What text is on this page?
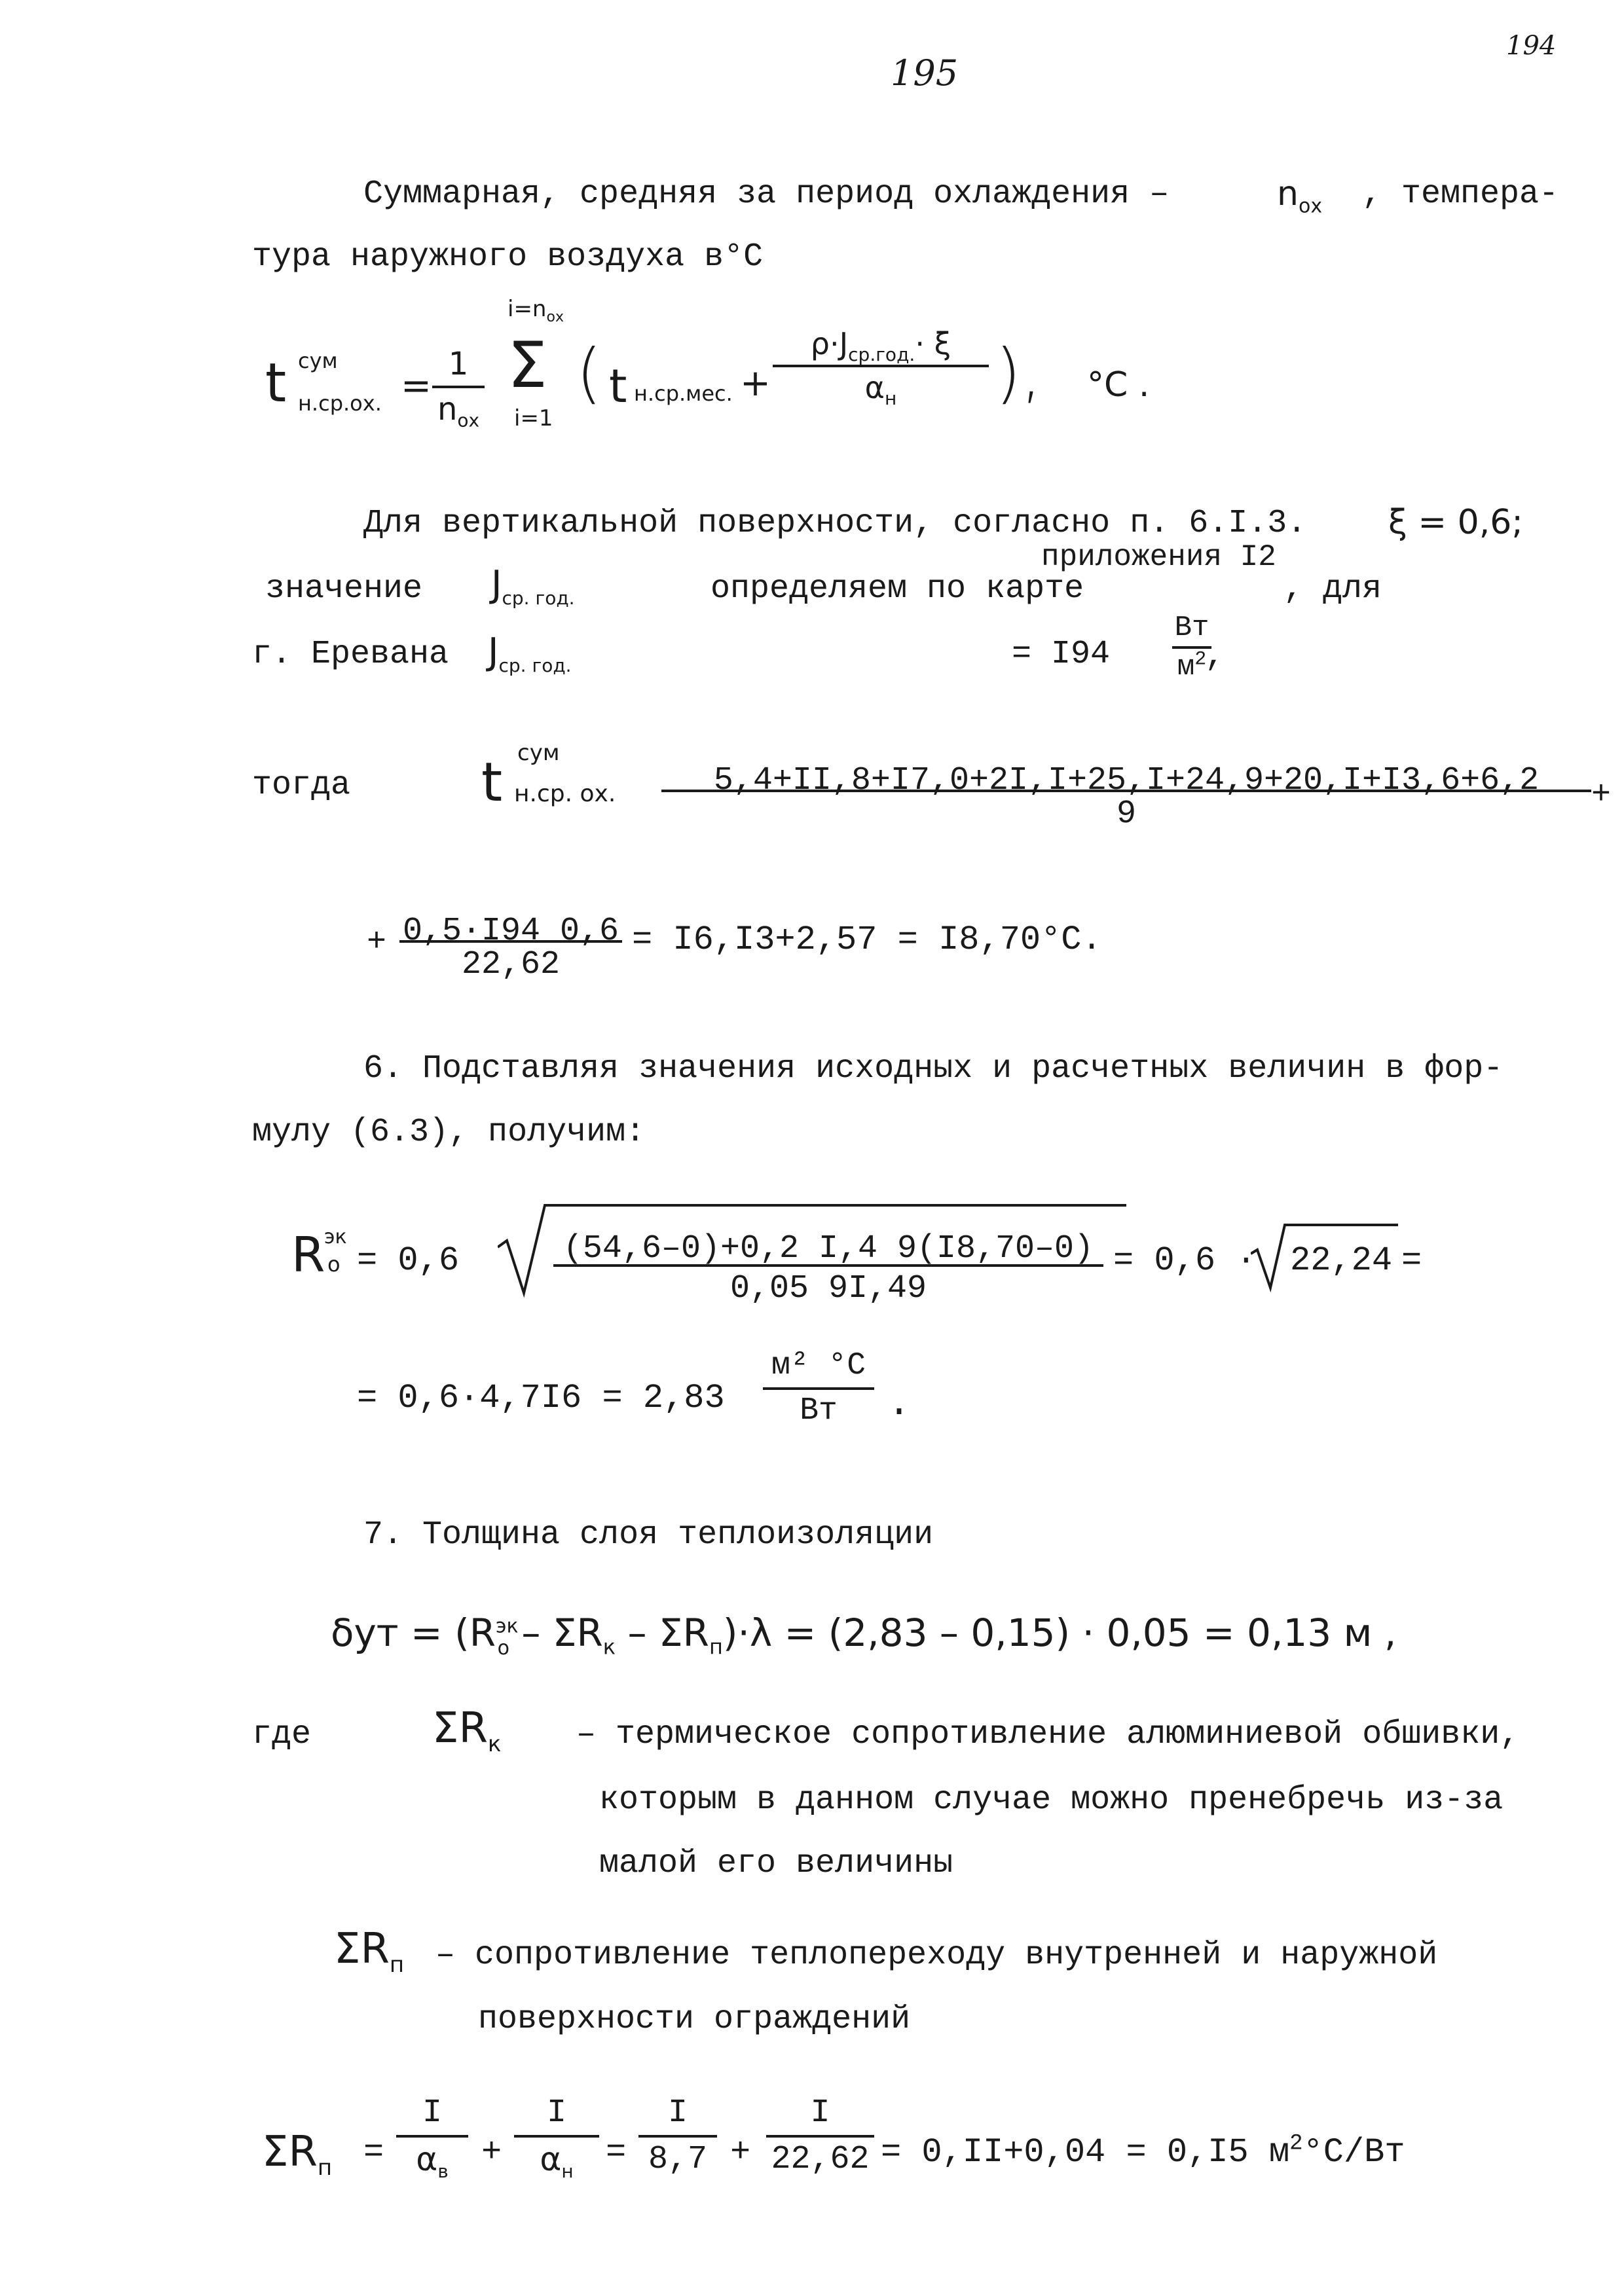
195
194
Суммарная, средняя за период охлаждения –	$n_{ох}$ , темпера-
тура наружного воздуха в°С
t сум
н.ср.ох. =
1
$n_{ох}$
$i=n_{ох}$
Σ
i=1
( t н.ср.мес. +
$\rho\cdot J_{ср.год.}\cdot \xi$
$\alpha_н$	), °С .
Для вертикальной поверхности, согласно п. 6.I.3. ξ = 0,6;
приложения I2
значение $J_{ср. год.}$	определяем по карте	, для
г. Еревана $J_{ср. год.}$	= I94
Вт
$м^2$
,
тогда t сум
н.ср. ох.	5,4+II,8+I7,0+2I,I+25,I+24,9+20,I+I3,6+6,2
9
+
+ 0,5·I94 0,6
22,62
= I6,I3+2,57 = I8,70°С.
6. Подставляя значения исходных и расчетных величин в фор-
мулу (6.3), получим:
R
эк
о = 0,6	(54,6–0)+0,2 I,4 9(I8,70–0)
0,05 9I,49
= 0,6 · 22,24 =
= 0,6·4,7I6 = 2,83
м² °С
Вт	.
7. Толщина слоя теплоизоляции
$\delta ут = (R^{эк}_о - \Sigma R_к - \Sigma R_п)\cdot\lambda = (2,83 - 0,15) \cdot 0,05 = 0,13$ м ,
где	$\Sigma R_к$ – термическое сопротивление алюминиевой обшивки,
которым в данном случае можно пренебречь из-за
малой его величины
$\Sigma R_п$ – сопротивление теплопереходу внутренней и наружной
поверхности ограждений
$\Sigma R_п$ =
I
$\alpha_в$ +
I
$\alpha_н$ =
I
8,7 +
I
22,62 = 0,II+0,04 = 0,I5 $м^2^\circ С/Вт$
